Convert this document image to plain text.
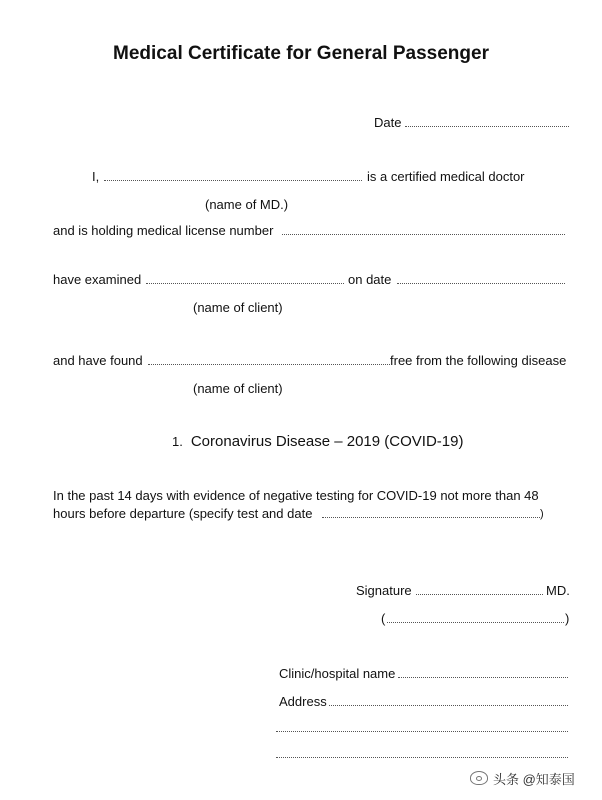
Medical Certificate for General Passenger
Date
I,	is a certified medical doctor
(name of MD.)
and is holding medical license number
have examined	on date
(name of client)
and have found	free from the following disease
(name of client)
1. Coronavirus Disease – 2019 (COVID-19)
In the past 14 days with evidence of negative testing for COVID-19 not more than 48
hours before departure (specify test and date	)
Signature	MD.
(	)
Clinic/hospital name
Address
头条 @知泰国
